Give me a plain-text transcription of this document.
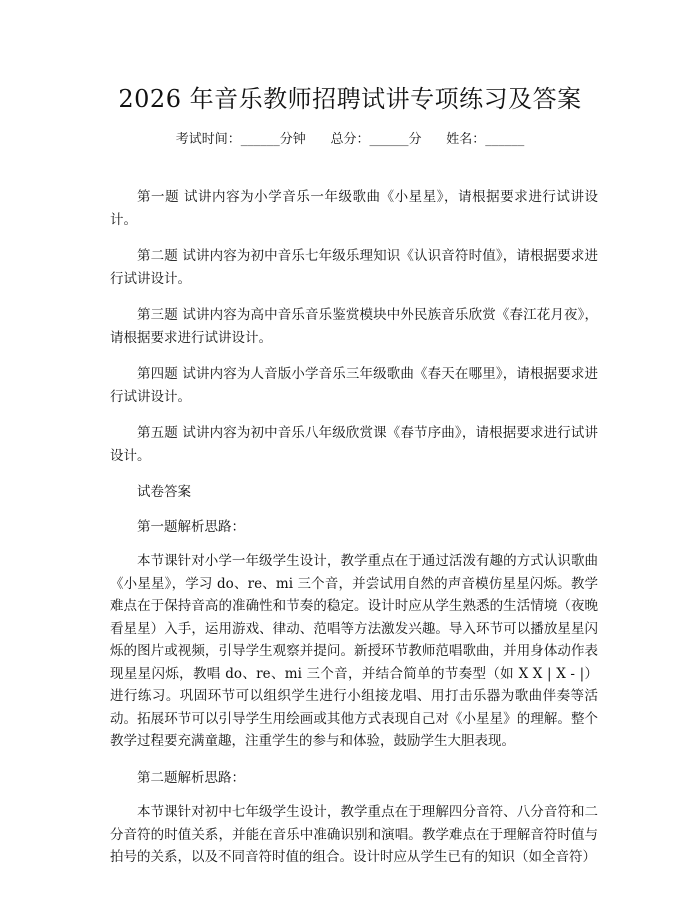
2026 年音乐教师招聘试讲专项练习及答案
考试时间：______分钟      总分：______分      姓名：______

第一题 试讲内容为小学音乐一年级歌曲《小星星》，请根据要求进行试讲设计。

第二题 试讲内容为初中音乐七年级乐理知识《认识音符时值》，请根据要求进行试讲设计。

第三题 试讲内容为高中音乐音乐鉴赏模块中外民族音乐欣赏《春江花月夜》，请根据要求进行试讲设计。

第四题 试讲内容为人音版小学音乐三年级歌曲《春天在哪里》，请根据要求进行试讲设计。

第五题 试讲内容为初中音乐八年级欣赏课《春节序曲》，请根据要求进行试讲设计。

试卷答案

第一题解析思路：

本节课针对小学一年级学生设计，教学重点在于通过活泼有趣的方式认识歌曲《小星星》，学习 do、re、mi 三个音，并尝试用自然的声音模仿星星闪烁。教学难点在于保持音高的准确性和节奏的稳定。设计时应从学生熟悉的生活情境（夜晚看星星）入手，运用游戏、律动、范唱等方法激发兴趣。导入环节可以播放星星闪烁的图片或视频，引导学生观察并提问。新授环节教师范唱歌曲，并用身体动作表现星星闪烁，教唱 do、re、mi 三个音，并结合简单的节奏型（如 X X | X - |）进行练习。巩固环节可以组织学生进行小组接龙唱、用打击乐器为歌曲伴奏等活动。拓展环节可以引导学生用绘画或其他方式表现自己对《小星星》的理解。整个教学过程要充满童趣，注重学生的参与和体验，鼓励学生大胆表现。

第二题解析思路：

本节课针对初中七年级学生设计，教学重点在于理解四分音符、八分音符和二分音符的时值关系，并能在音乐中准确识别和演唱。教学难点在于理解音符时值与拍号的关系，以及不同音符时值的组合。设计时应从学生已有的知识（如全音符）
